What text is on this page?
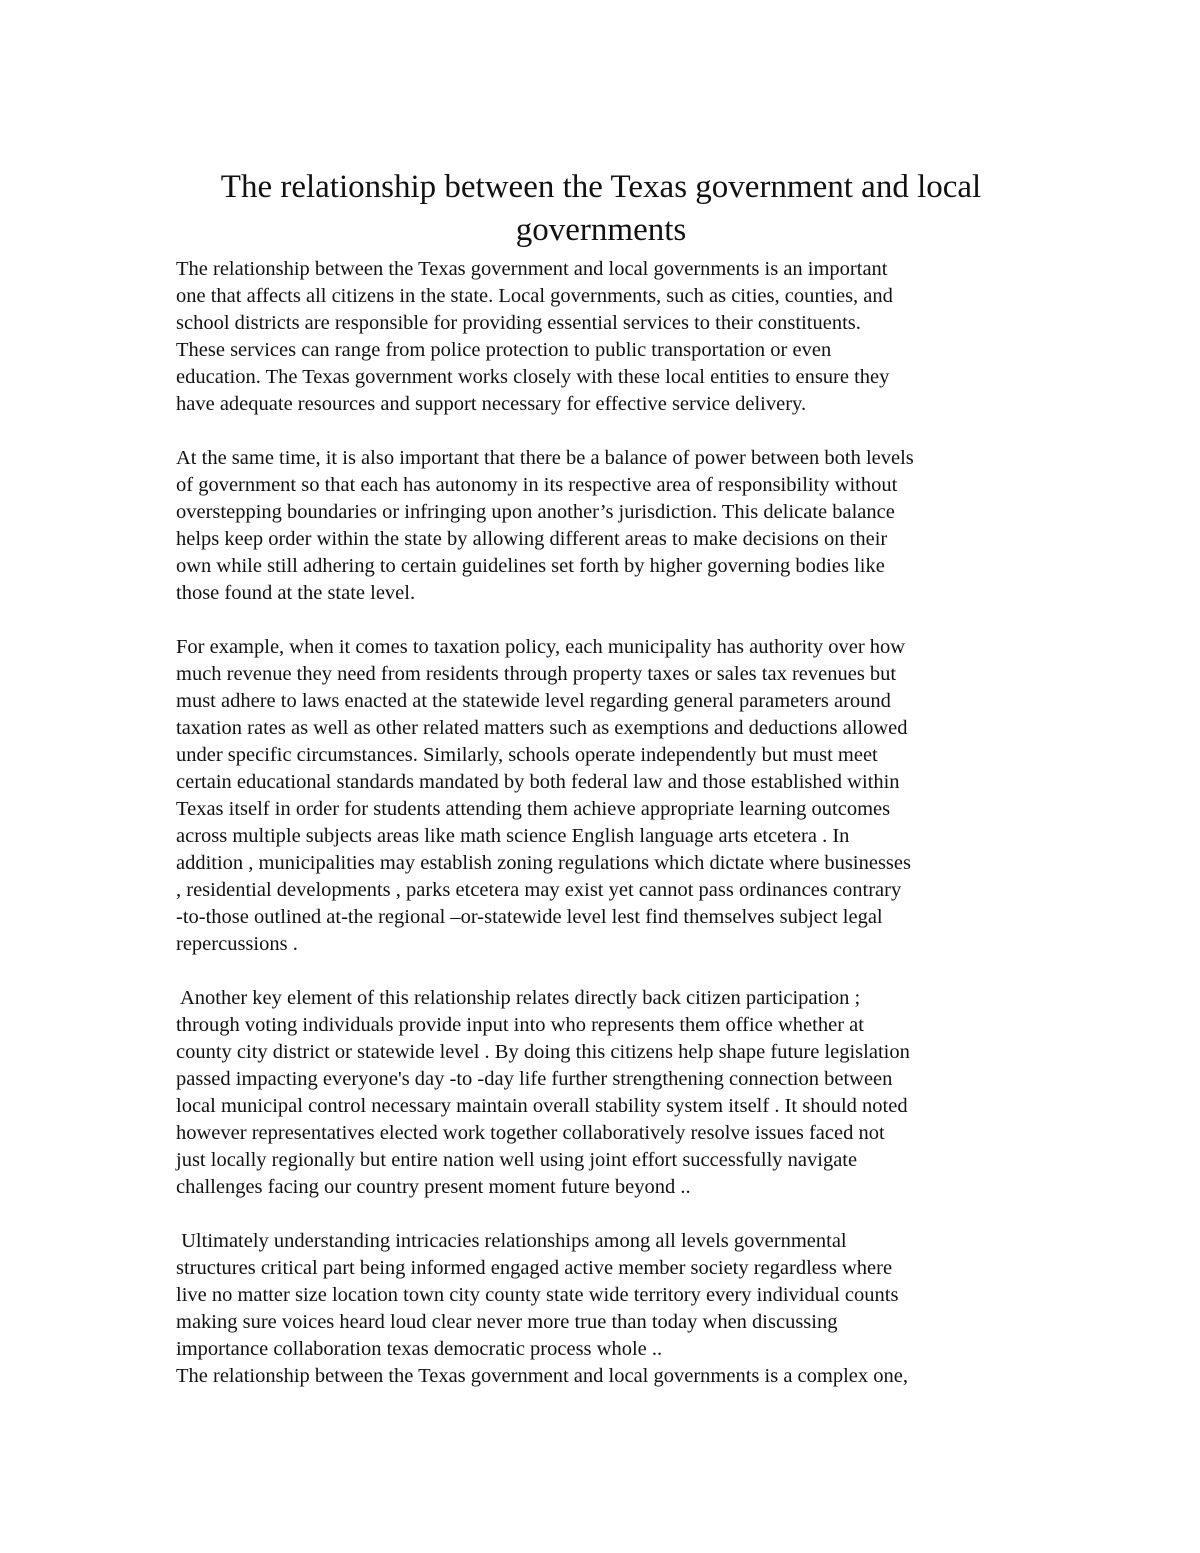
The relationship between the Texas government and local
governments
The relationship between the Texas government and local governments is an important
one that affects all citizens in the state. Local governments, such as cities, counties, and
school districts are responsible for providing essential services to their constituents.
These services can range from police protection to public transportation or even
education. The Texas government works closely with these local entities to ensure they
have adequate resources and support necessary for effective service delivery.
At the same time, it is also important that there be a balance of power between both levels
of government so that each has autonomy in its respective area of responsibility without
overstepping boundaries or infringing upon another’s jurisdiction. This delicate balance
helps keep order within the state by allowing different areas to make decisions on their
own while still adhering to certain guidelines set forth by higher governing bodies like
those found at the state level.
For example, when it comes to taxation policy, each municipality has authority over how
much revenue they need from residents through property taxes or sales tax revenues but
must adhere to laws enacted at the statewide level regarding general parameters around
taxation rates as well as other related matters such as exemptions and deductions allowed
under specific circumstances. Similarly, schools operate independently but must meet
certain educational standards mandated by both federal law and those established within
Texas itself in order for students attending them achieve appropriate learning outcomes
across multiple subjects areas like math science English language arts etcetera . In
addition , municipalities may establish zoning regulations which dictate where businesses
, residential developments , parks etcetera may exist yet cannot pass ordinances contrary
-to-those outlined at-the regional –or-statewide level lest find themselves subject legal
repercussions .
Another key element of this relationship relates directly back citizen participation ;
through voting individuals provide input into who represents them office whether at
county city district or statewide level . By doing this citizens help shape future legislation
passed impacting everyone's day -to -day life further strengthening connection between
local municipal control necessary maintain overall stability system itself . It should noted
however representatives elected work together collaboratively resolve issues faced not
just locally regionally but entire nation well using joint effort successfully navigate
challenges facing our country present moment future beyond ..
Ultimately understanding intricacies relationships among all levels governmental
structures critical part being informed engaged active member society regardless where
live no matter size location town city county state wide territory every individual counts
making sure voices heard loud clear never more true than today when discussing
importance collaboration texas democratic process whole ..
The relationship between the Texas government and local governments is a complex one,
